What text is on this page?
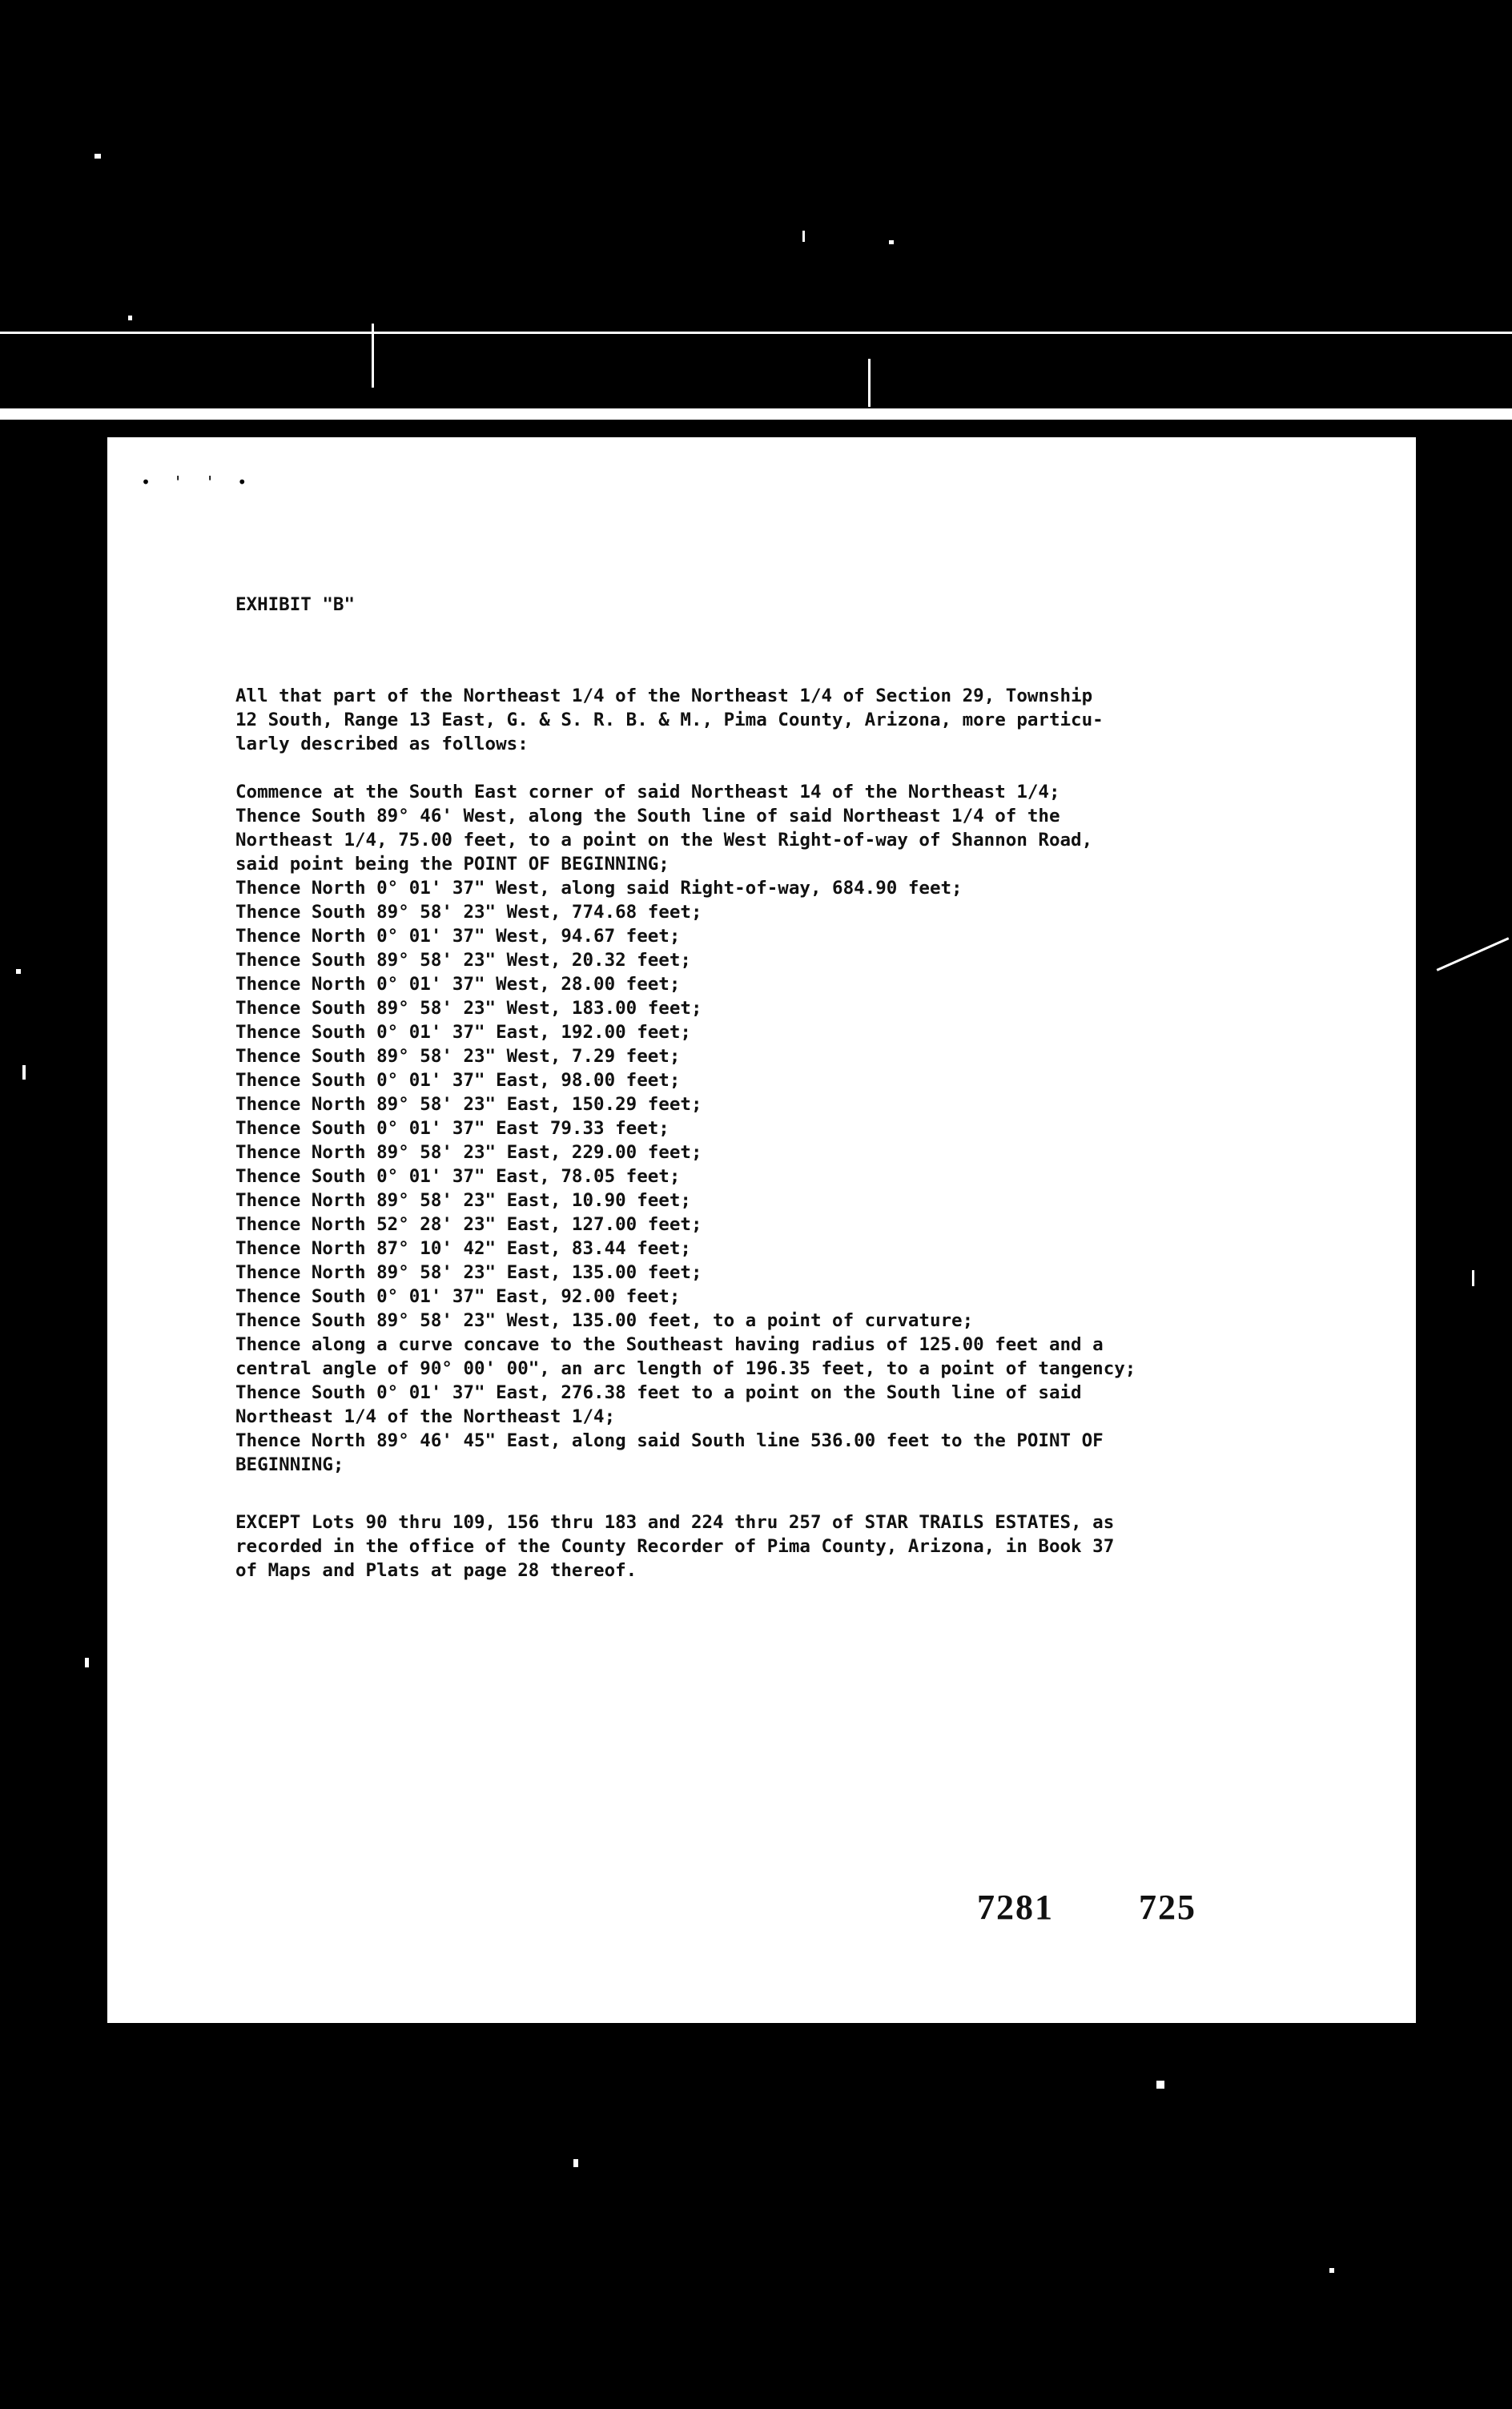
• ' ' •
EXHIBIT "B"
All that part of the Northeast 1/4 of the Northeast 1/4 of Section 29, Township
12 South, Range 13 East, G. & S. R. B. & M., Pima County, Arizona, more particu-
larly described as follows:
Commence at the South East corner of said Northeast 14 of the Northeast 1/4;
Thence South 89° 46' West, along the South line of said Northeast 1/4 of the
Northeast 1/4, 75.00 feet, to a point on the West Right-of-way of Shannon Road,
said point being the POINT OF BEGINNING;
Thence North 0° 01' 37" West, along said Right-of-way, 684.90 feet;
Thence South 89° 58' 23" West, 774.68 feet;
Thence North 0° 01' 37" West, 94.67 feet;
Thence South 89° 58' 23" West, 20.32 feet;
Thence North 0° 01' 37" West, 28.00 feet;
Thence South 89° 58' 23" West, 183.00 feet;
Thence South 0° 01' 37" East, 192.00 feet;
Thence South 89° 58' 23" West, 7.29 feet;
Thence South 0° 01' 37" East, 98.00 feet;
Thence North 89° 58' 23" East, 150.29 feet;
Thence South 0° 01' 37" East 79.33 feet;
Thence North 89° 58' 23" East, 229.00 feet;
Thence South 0° 01' 37" East, 78.05 feet;
Thence North 89° 58' 23" East, 10.90 feet;
Thence North 52° 28' 23" East, 127.00 feet;
Thence North 87° 10' 42" East, 83.44 feet;
Thence North 89° 58' 23" East, 135.00 feet;
Thence South 0° 01' 37" East, 92.00 feet;
Thence South 89° 58' 23" West, 135.00 feet, to a point of curvature;
Thence along a curve concave to the Southeast having radius of 125.00 feet and a
central angle of 90° 00' 00", an arc length of 196.35 feet, to a point of tangency;
Thence South 0° 01' 37" East, 276.38 feet to a point on the South line of said
Northeast 1/4 of the Northeast 1/4;
Thence North 89° 46' 45" East, along said South line 536.00 feet to the POINT OF
BEGINNING;
EXCEPT Lots 90 thru 109, 156 thru 183 and 224 thru 257 of STAR TRAILS ESTATES, as
recorded in the office of the County Recorder of Pima County, Arizona, in Book 37
of Maps and Plats at page 28 thereof.
7281 725
